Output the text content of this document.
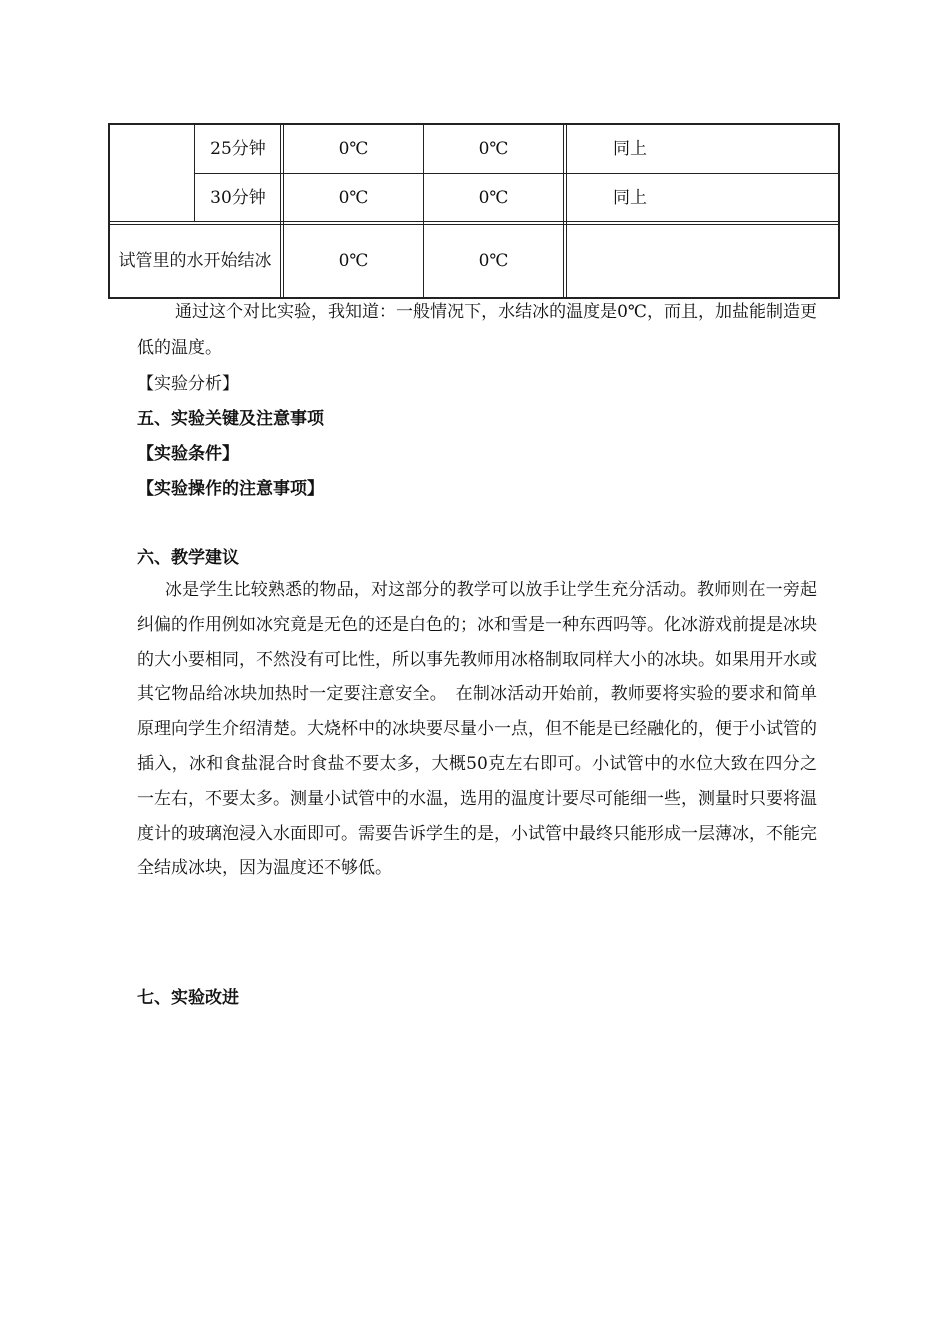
25分钟	0℃	0℃	同上
30分钟	0℃	0℃	同上
试管里的水开始结冰	0℃	0℃

通过这个对比实验，我知道：一般情况下，水结冰的温度是0℃，而且，加盐能制造更低的温度。

【实验分析】

五、实验关键及注意事项

【实验条件】

【实验操作的注意事项】

六、教学建议

冰是学生比较熟悉的物品，对这部分的教学可以放手让学生充分活动。教师则在一旁起纠偏的作用例如冰究竟是无色的还是白色的；冰和雪是一种东西吗等。化冰游戏前提是冰块的大小要相同，不然没有可比性，所以事先教师用冰格制取同样大小的冰块。如果用开水或其它物品给冰块加热时一定要注意安全。　在制冰活动开始前，教师要将实验的要求和简单原理向学生介绍清楚。大烧杯中的冰块要尽量小一点，但不能是已经融化的，便于小试管的插入，冰和食盐混合时食盐不要太多，大概50克左右即可。小试管中的水位大致在四分之一左右，不要太多。测量小试管中的水温，选用的温度计要尽可能细一些，测量时只要将温度计的玻璃泡浸入水面即可。需要告诉学生的是，小试管中最终只能形成一层薄冰，不能完全结成冰块，因为温度还不够低。

七、实验改进
